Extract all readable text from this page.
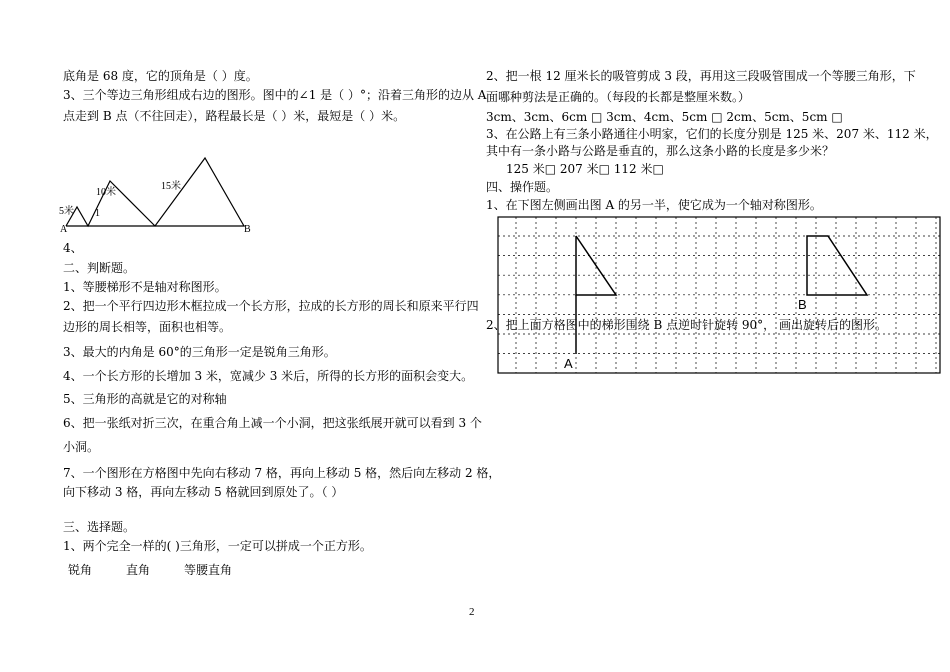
底角是 68 度，它的顶角是（ ）度。
3、三个等边三角形组成右边的图形。图中的∠1 是（ ）°；沿着三角形的边从 A
点走到 B 点（不往回走），路程最长是（ ）米，最短是（ ）米。
5米
10米
15米
1
A	B
4、
二、判断题。
1、等腰梯形不是轴对称图形。
2、把一个平行四边形木框拉成一个长方形，拉成的长方形的周长和原来平行四
边形的周长相等，面积也相等。
3、最大的内角是 60°的三角形一定是锐角三角形。
4、一个长方形的长增加 3 米，宽减少 3 米后，所得的长方形的面积会变大。
5、三角形的高就是它的对称轴
6、把一张纸对折三次，在重合角上减一个小洞，把这张纸展开就可以看到 3 个
小洞。
7、一个图形在方格图中先向右移动 7 格，再向上移动 5 格，然后向左移动 2 格，
向下移动 3 格，再向左移动 5 格就回到原处了。（ ）
三、选择题。
1、两个完全一样的( )三角形，一定可以拼成一个正方形。
锐角	直角	等腰直角
2、把一根 12 厘米长的吸管剪成 3 段，再用这三段吸管围成一个等腰三角形，下
面哪种剪法是正确的。（每段的长都是整厘米数。）
3cm、3cm、6cm □ 3cm、4cm、5cm □ 2cm、5cm、5cm □
3、在公路上有三条小路通往小明家，它们的长度分别是 125 米、207 米、112 米，
其中有一条小路与公路是垂直的，那么这条小路的长度是多少米？
125 米□ 207 米□ 112 米□
四、操作题。
1、在下图左侧画出图 A 的另一半，使它成为一个轴对称图形。
A
B
2、把上面方格图中的梯形围绕 B 点逆时针旋转 90°， 画出旋转后的图形。
2
